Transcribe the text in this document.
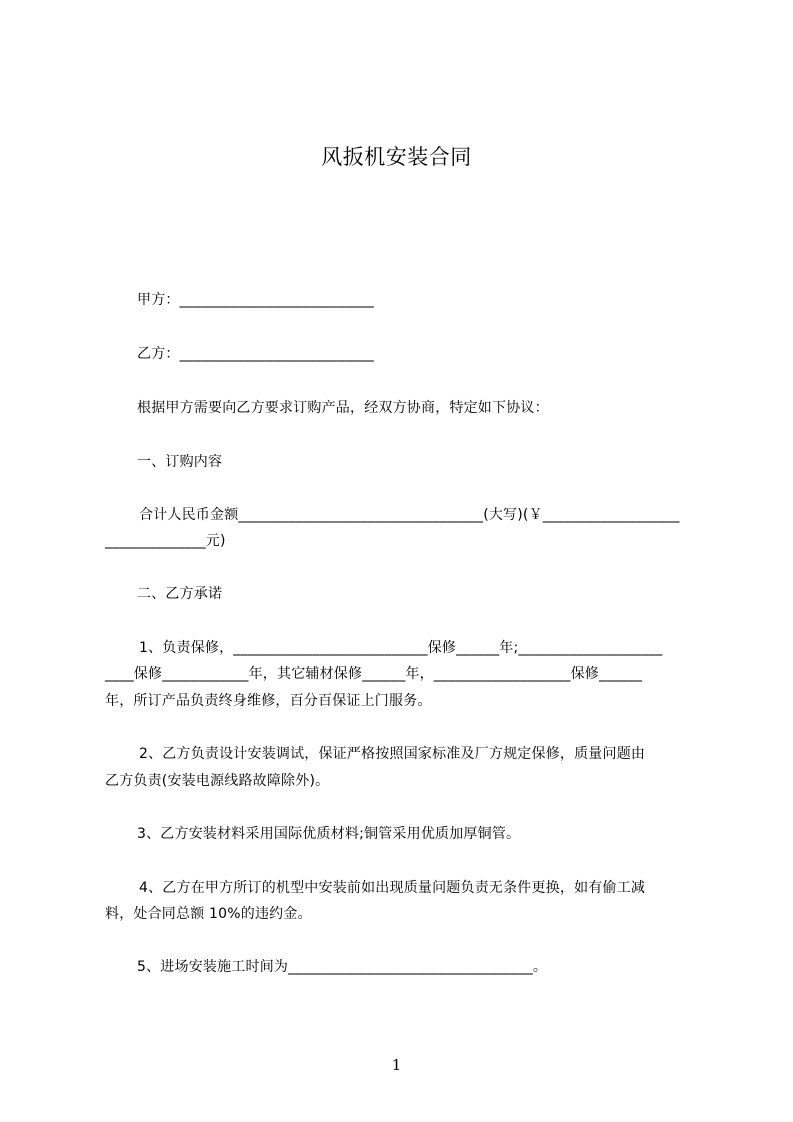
风扳机安装合同
甲方：___________________________
乙方：___________________________
根据甲方需要向乙方要求订购产品，经双方协商，特定如下协议：
一、订购内容
合计人民币金额__________________________________(大写)(￥___________________
______________元)
二、乙方承诺
1、负责保修，___________________________保修______年;____________________
____保修____________年，其它辅材保修______年，___________________保修______
年，所订产品负责终身维修，百分百保证上门服务。
2、乙方负责设计安装调试，保证严格按照国家标准及厂方规定保修，质量问题由
乙方负责(安装电源线路故障除外)。
3、乙方安装材料采用国际优质材料;铜管采用优质加厚铜管。
4、乙方在甲方所订的机型中安装前如出现质量问题负责无条件更换，如有偷工减
料，处合同总额 10%的违约金。
5、进场安装施工时间为__________________________________。
1
